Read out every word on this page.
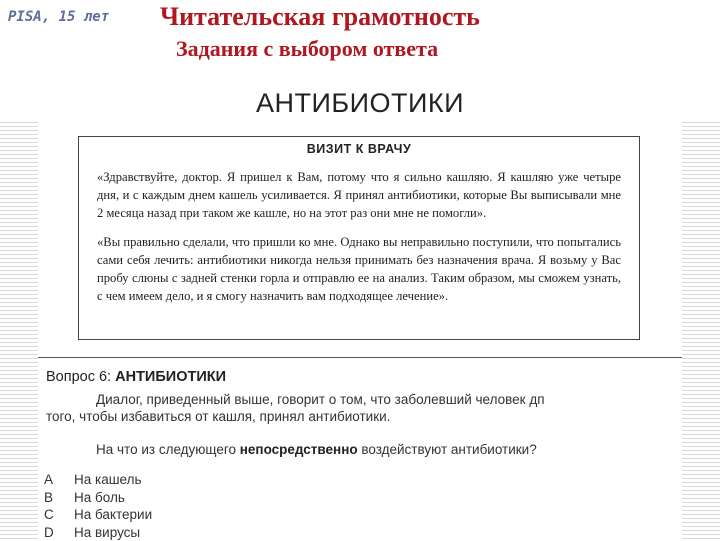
PISA, 15 лет Читательская грамотность
Задания с выбором ответа
АНТИБИОТИКИ
ВИЗИТ К ВРАЧУ

«Здравствуйте, доктор. Я пришел к Вам, потому что я сильно кашляю. Я кашляю уже четыре дня, и с каждым днем кашель усиливается. Я принял антибиотики, которые Вы выписывали мне 2 месяца назад при таком же кашле, но на этот раз они мне не помогли».

«Вы правильно сделали, что пришли ко мне. Однако вы неправильно поступили, что попытались сами себя лечить: антибиотики никогда нельзя принимать без назначения врача. Я возьму у Вас пробу слюны с задней стенки горла и отправлю ее на анализ. Таким образом, мы сможем узнать, с чем имеем дело, и я смогу назначить вам подходящее лечение».

Вопрос 6: АНТИБИОТИКИ
Диалог, приведенный выше, говорит о том, что заболевший человек дп
того, чтобы избавиться от кашля, принял антибиотики.
На что из следующего непосредственно воздействуют антибиотики?
A На кашель
B На боль
C На бактерии
D На вирусы
